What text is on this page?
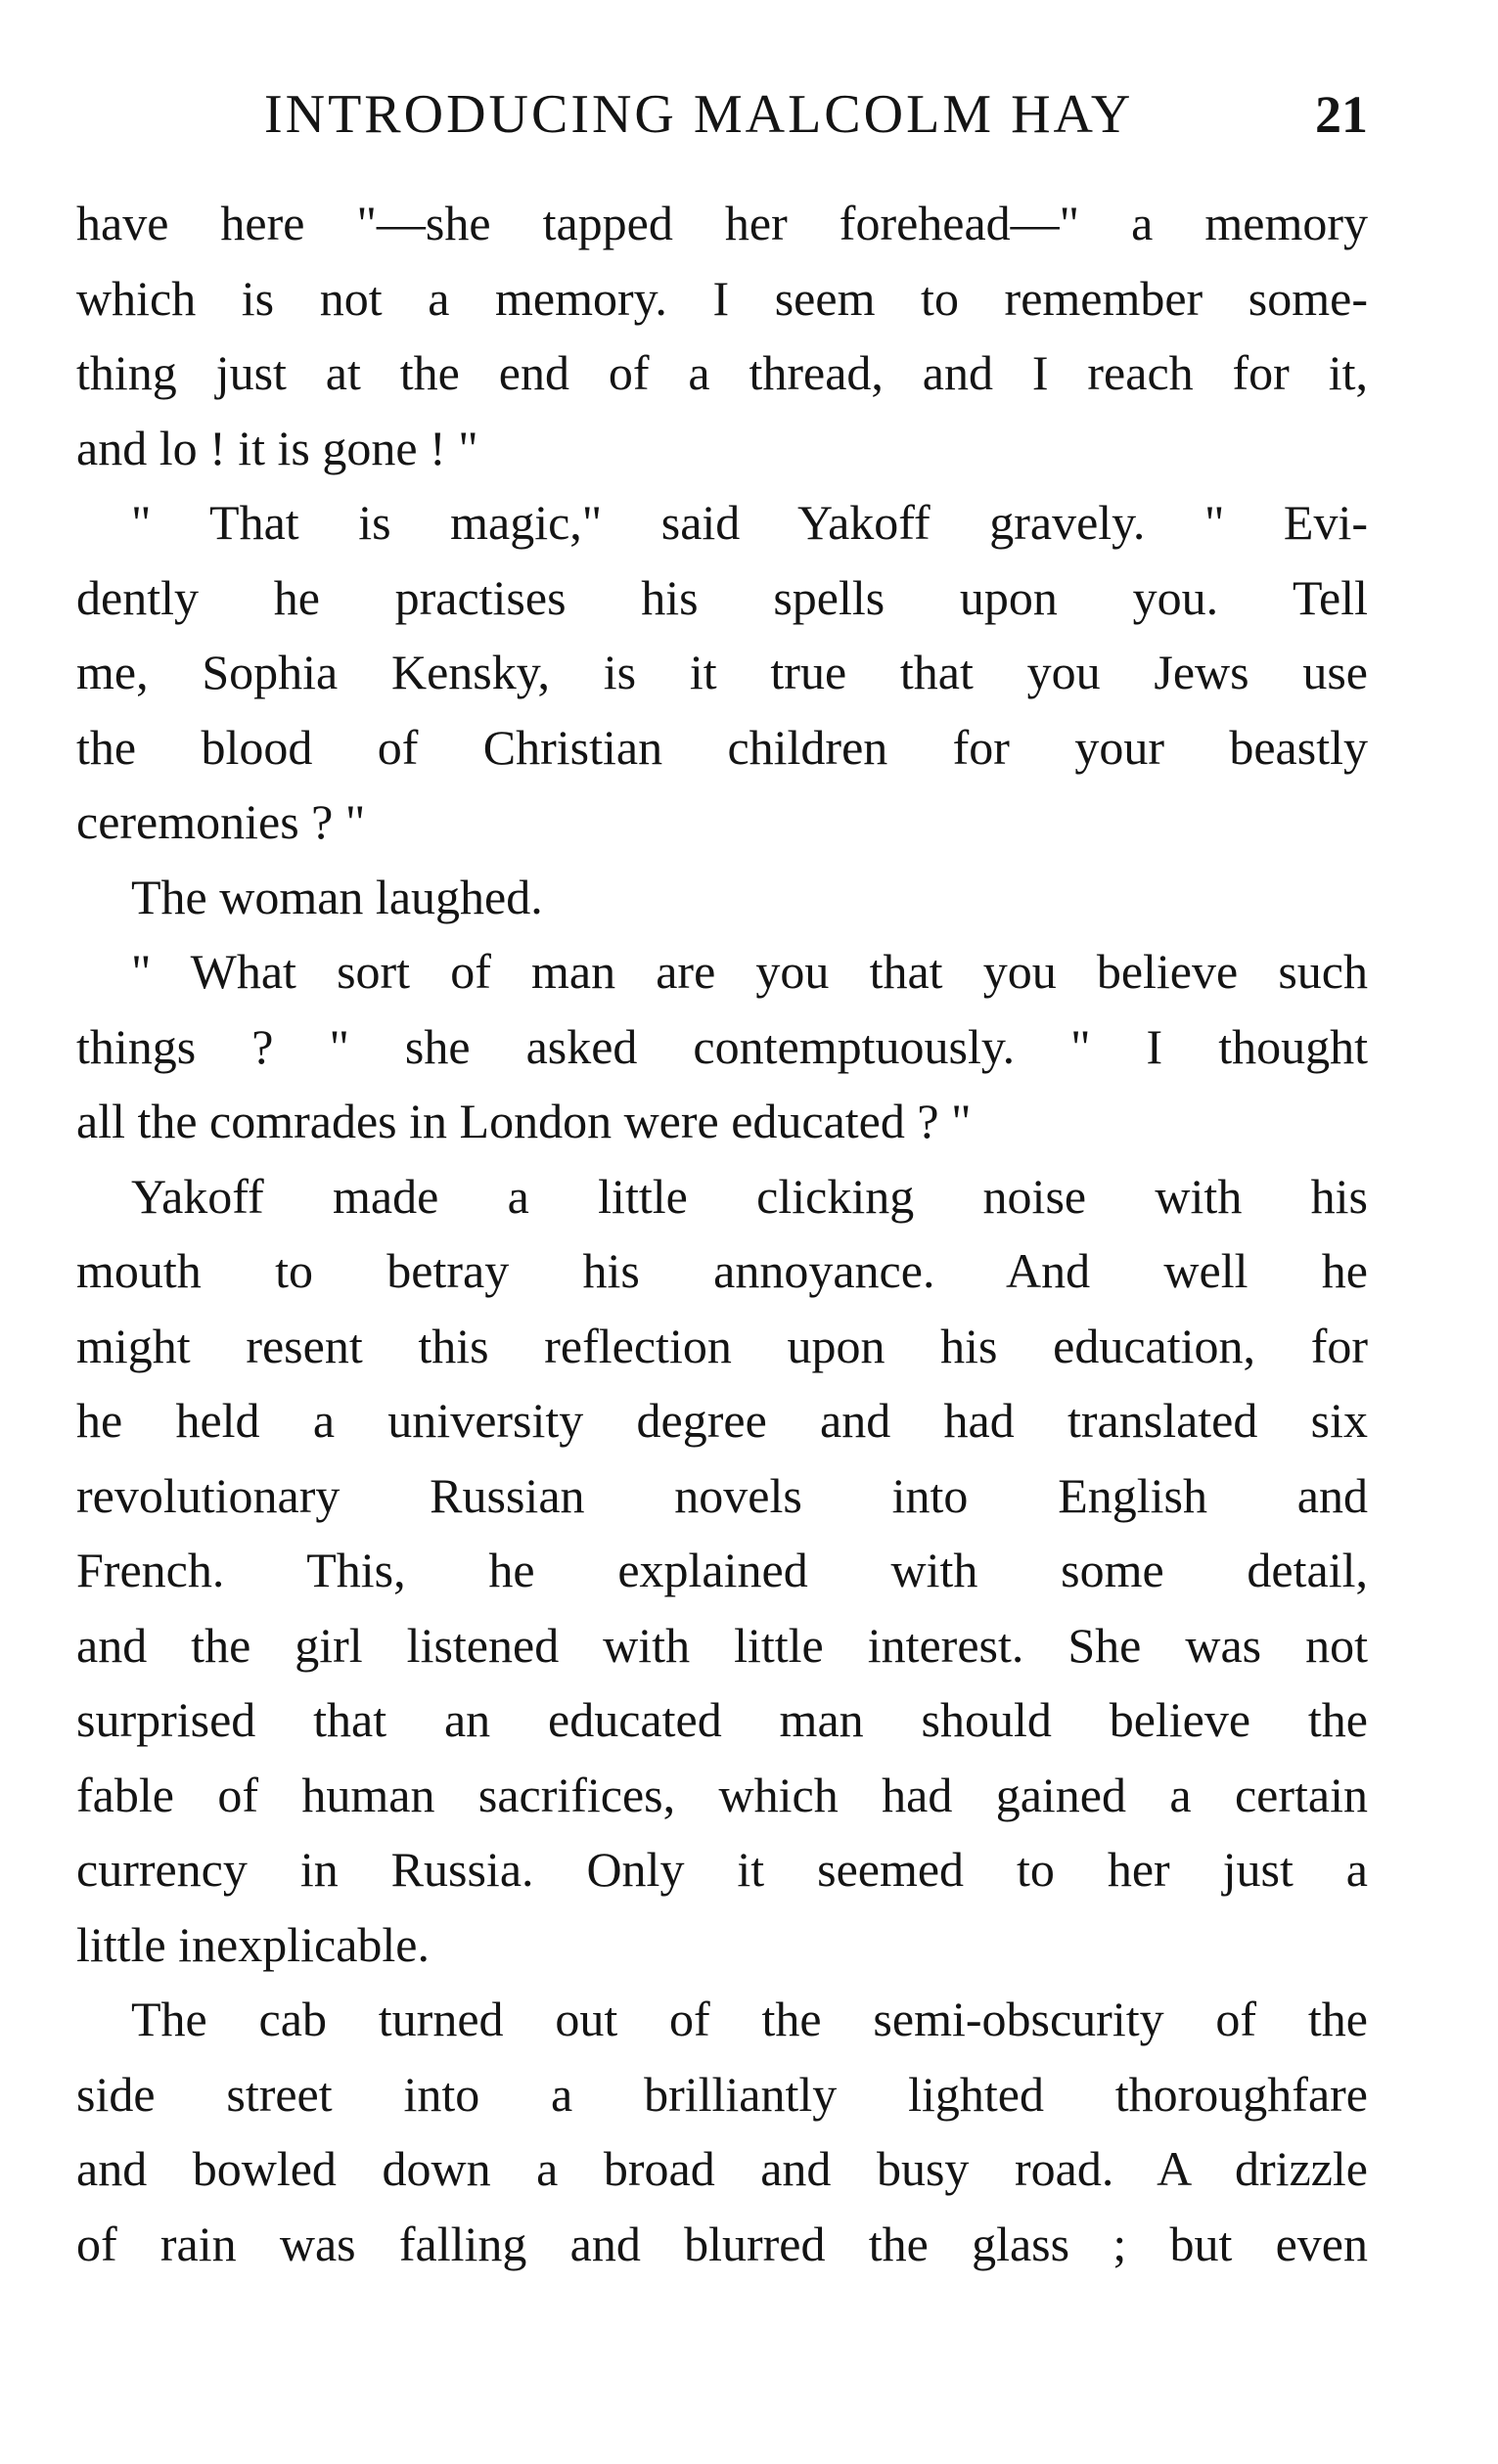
INTRODUCING MALCOLM HAY	21
have here "—she tapped her forehead—" a memory
which is not a memory. I seem to remember some-
thing just at the end of a thread, and I reach for it,
and lo ! it is gone ! "
" That is magic," said Yakoff gravely. " Evi-
dently he practises his spells upon you. Tell
me, Sophia Kensky, is it true that you Jews use
the blood of Christian children for your beastly
ceremonies ? "
The woman laughed.
" What sort of man are you that you believe such
things ? " she asked contemptuously. " I thought
all the comrades in London were educated ? "
Yakoff made a little clicking noise with his
mouth to betray his annoyance. And well he
might resent this reflection upon his education, for
he held a university degree and had translated six
revolutionary Russian novels into English and
French. This, he explained with some detail,
and the girl listened with little interest. She was not
surprised that an educated man should believe the
fable of human sacrifices, which had gained a certain
currency in Russia. Only it seemed to her just a
little inexplicable.
The cab turned out of the semi-obscurity of the
side street into a brilliantly lighted thoroughfare
and bowled down a broad and busy road. A drizzle
of rain was falling and blurred the glass ; but even
